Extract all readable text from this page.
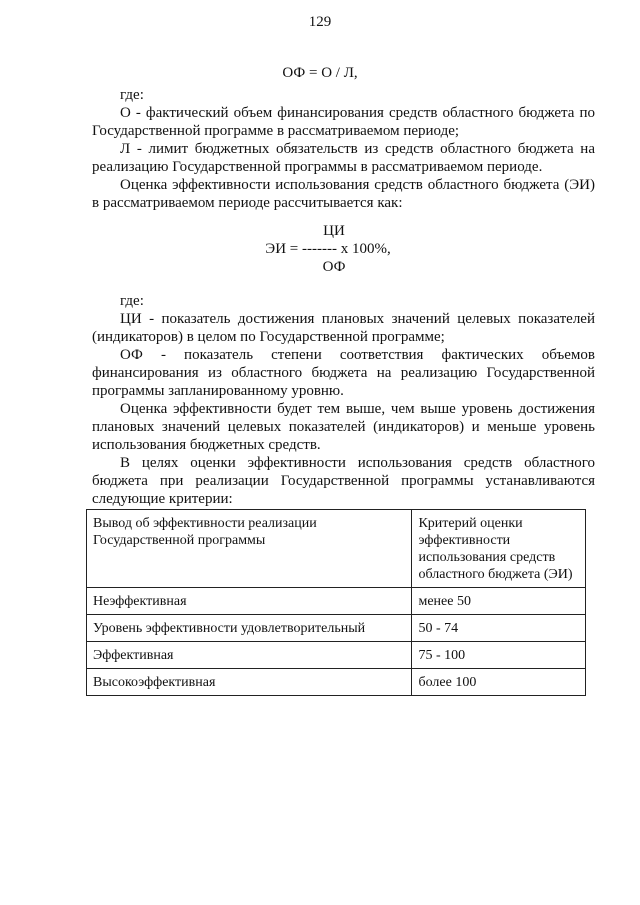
129
ОФ = О / Л,
где:
О - фактический объем финансирования средств областного бюджета по
Государственной программе в рассматриваемом периоде;
Л - лимит бюджетных обязательств из средств областного бюджета на
реализацию Государственной программы в рассматриваемом периоде.
Оценка эффективности использования средств областного бюджета (ЭИ)
в рассматриваемом периоде рассчитывается как:
ЦИ
ЭИ = ------- x 100%,
ОФ
где:
ЦИ - показатель достижения плановых значений целевых показателей
(индикаторов) в целом по Государственной программе;
ОФ - показатель степени соответствия фактических объемов
финансирования из областного бюджета на реализацию Государственной
программы запланированному уровню.
Оценка эффективности будет тем выше, чем выше уровень достижения
плановых значений целевых показателей (индикаторов) и меньше уровень
использования бюджетных средств.
В целях оценки эффективности использования средств областного
бюджета при реализации Государственной программы устанавливаются
следующие критерии:
Вывод об эффективности реализации Государственной программы	Критерий оценки эффективности использования средств областного бюджета (ЭИ)
Неэффективная	менее 50
Уровень эффективности удовлетворительный	50 - 74
Эффективная	75 - 100
Высокоэффективная	более 100
